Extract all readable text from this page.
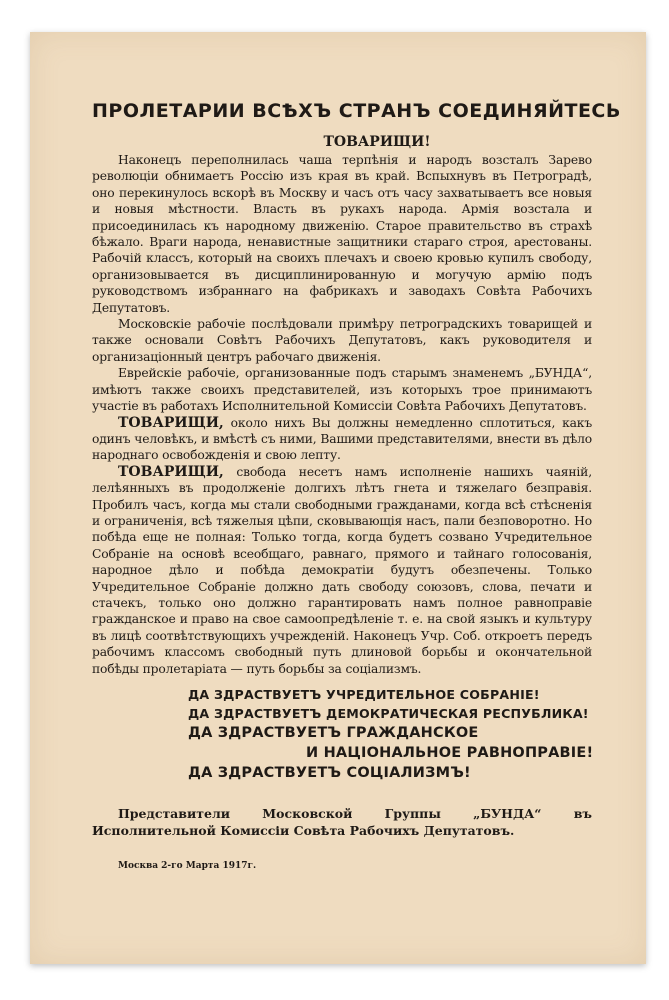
ПРОЛЕТАРИИ ВСѢХЪ СТРАНЪ СОЕДИНЯЙТЕСЬ
ТОВАРИЩИ!

Наконецъ переполнилась чаша терпѣнія и народъ возсталъ Зарево революціи обнимаетъ Россію изъ края въ край. Вспыхнувъ въ Петроградѣ, оно перекинулось вскорѣ въ Москву и часъ отъ часу захватываетъ все новыя и новыя мѣстности. Власть въ рукахъ народа. Армія возстала и присоединилась къ народному движенію. Старое правительство въ страхѣ бѣжало. Враги народа, ненавистные защитники стараго строя, арестованы. Рабочій классъ, который на своихъ плечахъ и своею кровью купилъ свободу, организовывается въ дисциплинированную и могучую армію подъ руководствомъ избраннаго на фабрикахъ и заводахъ Совѣта Рабочихъ Депутатовъ.

Московскіе рабочіе послѣдовали примѣру петроградскихъ товарищей и также основали Совѣтъ Рабочихъ Депутатовъ, какъ руководителя и организаціонный центръ рабочаго движенія.

Еврейскіе рабочіе, организованные подъ старымъ знаменемъ „БУНДА“, имѣютъ также своихъ представителей, изъ которыхъ трое принимаютъ участіе въ работахъ Исполнительной Комиссіи Совѣта Рабочихъ Депутатовъ.

ТОВАРИЩИ, около нихъ Вы должны немедленно сплотиться, какъ одинъ человѣкъ, и вмѣстѣ съ ними, Вашими представителями, внести въ дѣло народнаго освобожденія и свою лепту.

ТОВАРИЩИ, свобода несетъ намъ исполненіе нашихъ чаяній, лелѣянныхъ въ продолженіе долгихъ лѣтъ гнета и тяжелаго безправія. Пробилъ часъ, когда мы стали свободными гражданами, когда всѣ стѣсненія и ограниченія, всѣ тяжелыя цѣпи, сковывающія насъ, пали безповоротно. Но побѣда еще не полная: Только тогда, когда будетъ созвано Учредительное Собраніе на основѣ всеобщаго, равнаго, прямого и тайнаго голосованія, народное дѣло и побѣда демократіи будутъ обезпечены. Только Учредительное Собраніе должно дать свободу союзовъ, слова, печати и стачекъ, только оно должно гарантировать намъ полное равноправіе гражданское и право на свое самоопредѣленіе т. е. на свой языкъ и культуру въ лицѣ соотвѣтствующихъ учрежденій. Наконецъ Учр. Соб. откроетъ передъ рабочимъ классомъ свободный путь длиновой борьбы и окончательной побѣды пролетаріата — путь борьбы за соціализмъ.

ДА ЗДРАСТВУЕТЪ УЧРЕДИТЕЛЬНОЕ СОБРАНІЕ!
ДА ЗДРАСТВУЕТЪ ДЕМОКРАТИЧЕСКАЯ РЕСПУБЛИКА!
ДА ЗДРАСТВУЕТЪ ГРАЖДАНСКОЕ
И НАЦІОНАЛЬНОЕ РАВНОПРАВІЕ!
ДА ЗДРАСТВУЕТЪ СОЦІАЛИЗМЪ!

Представители Московской Группы „БУНДА“ въ Исполнительной Комиссіи Совѣта Рабочихъ Депутатовъ.

Москва 2-го Марта 1917г.
